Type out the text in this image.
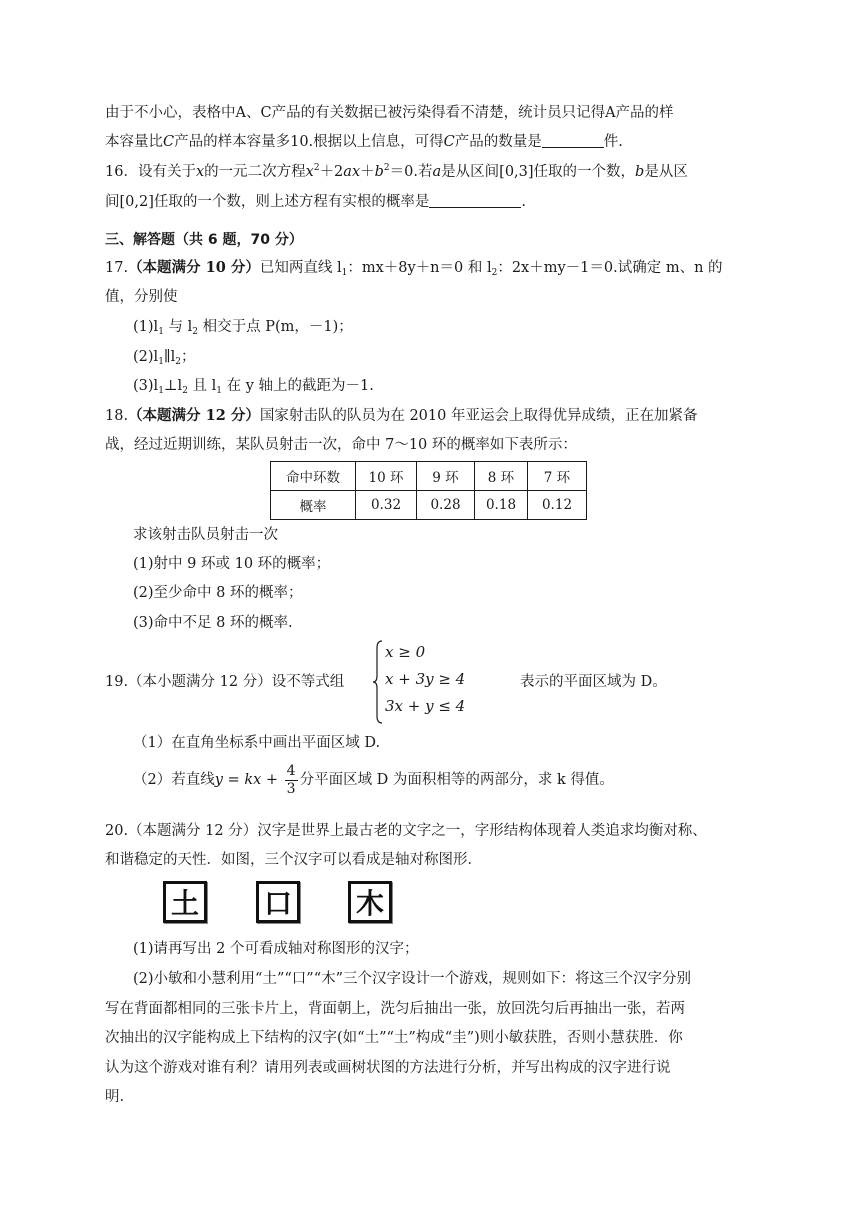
由于不小心，表格中A、C产品的有关数据已被污染得看不清楚，统计员只记得A产品的样
本容量比C产品的样本容量多10.根据以上信息，可得C产品的数量是	件.
16．设有关于x的一元二次方程$x^2+2ax+b^2=0$.若a是从区间[0,3]任取的一个数，b是从区
间[0,2]任取的一个数，则上述方程有实根的概率是	.
三、解答题（共 6 题，70 分）
17.（本题满分 10 分）已知两直线 $l_1$：mx＋8y＋n＝0 和 $l_2$：2x＋my－1＝0.试确定 m、n 的
值，分别使
$(1)l_1$ 与 $l_2$ 相交于点 P(m，－1)；
$(2)l_1\parallel l_2$；
$(3)l_1\perp l_2$ 且 $l_1$ 在 y 轴上的截距为－1.
18.（本题满分 12 分）国家射击队的队员为在 2010 年亚运会上取得优异成绩，正在加紧备
战，经过近期训练，某队员射击一次，命中 7～10 环的概率如下表所示：
命中环数	10 环	9 环	8 环	7 环
概率	0.32	0.28	0.18	0.12
求该射击队员射击一次
(1)射中 9 环或 10 环的概率；
(2)至少命中 8 环的概率；
(3)命中不足 8 环的概率.
19.（本小题满分 12 分）设不等式组
x ≥ 0
x + 3y ≥ 4
3x + y ≤ 4
表示的平面区域为 D。
（1）在直角坐标系中画出平面区域 D.
（2）若直线y = kx + $\frac{4}{3}$ 分平面区域 D 为面积相等的两部分，求 k 得值。
20.（本题满分 12 分）汉字是世界上最古老的文字之一，字形结构体现着人类追求均衡对称、
和谐稳定的天性．如图，三个汉字可以看成是轴对称图形．
土 口 木
(1)请再写出 2 个可看成轴对称图形的汉字；
(2)小敏和小慧利用“土”“口”“木”三个汉字设计一个游戏，规则如下：将这三个汉字分别
写在背面都相同的三张卡片上，背面朝上，洗匀后抽出一张，放回洗匀后再抽出一张，若两
次抽出的汉字能构成上下结构的汉字(如“土”“土”构成“圭”)则小敏获胜，否则小慧获胜．你
认为这个游戏对谁有利？请用列表或画树状图的方法进行分析，并写出构成的汉字进行说
明.
